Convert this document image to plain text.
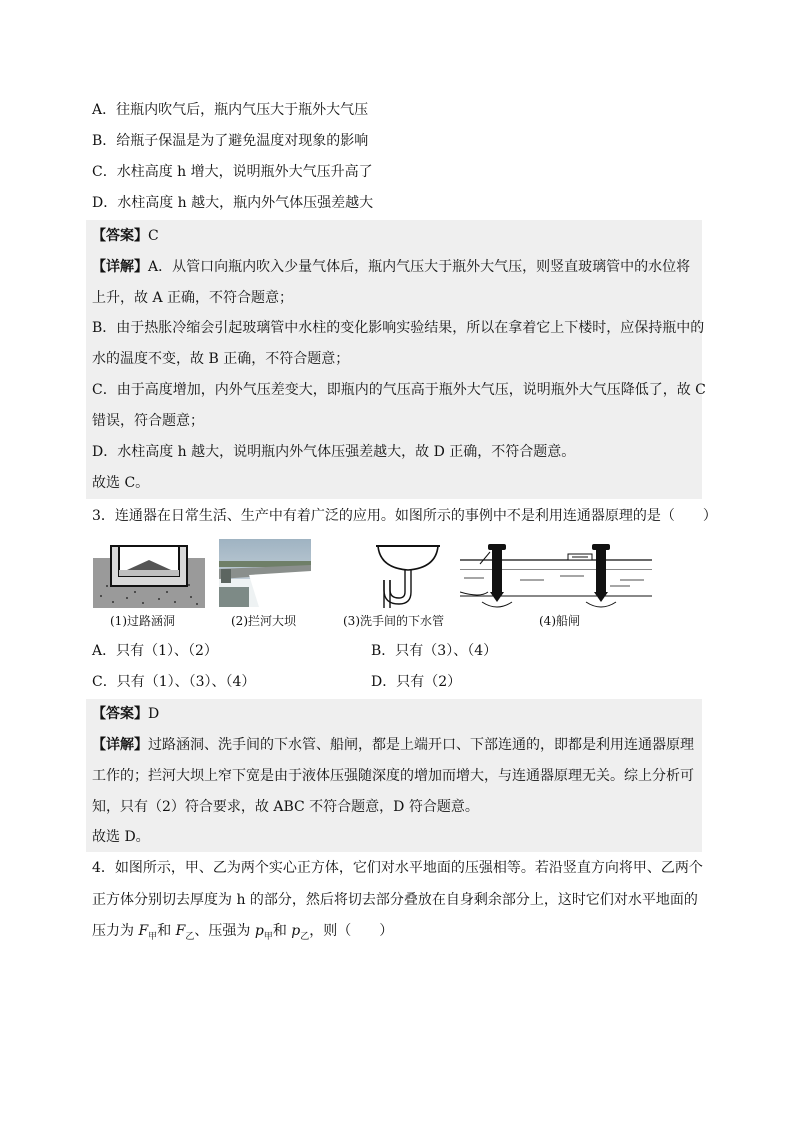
A．往瓶内吹气后，瓶内气压大于瓶外大气压
B．给瓶子保温是为了避免温度对现象的影响
C．水柱高度 h 增大，说明瓶外大气压升高了
D．水柱高度 h 越大，瓶内外气体压强差越大
【答案】C
【详解】A．从管口向瓶内吹入少量气体后，瓶内气压大于瓶外大气压，则竖直玻璃管中的水位将
上升，故 A 正确，不符合题意；
B．由于热胀冷缩会引起玻璃管中水柱的变化影响实验结果，所以在拿着它上下楼时，应保持瓶中的
水的温度不变，故 B 正确，不符合题意；
C．由于高度增加，内外气压差变大，即瓶内的气压高于瓶外大气压，说明瓶外大气压降低了，故 C
错误，符合题意；
D．水柱高度 h 越大，说明瓶内外气体压强差越大，故 D 正确，不符合题意。
故选 C。
3．连通器在日常生活、生产中有着广泛的应用。如图所示的事例中不是利用连通器原理的是（　　）
(1)过路涵洞	(2)拦河大坝	(3)洗手间的下水管	(4)船闸
A．只有（1）、（2）	B．只有（3）、（4）
C．只有（1）、（3）、（4）	D．只有（2）
【答案】D
【详解】过路涵洞、洗手间的下水管、船闸，都是上端开口、下部连通的，即都是利用连通器原理
工作的；拦河大坝上窄下宽是由于液体压强随深度的增加而增大，与连通器原理无关。综上分析可
知，只有（2）符合要求，故 ABC 不符合题意，D 符合题意。
故选 D。
4．如图所示，甲、乙为两个实心正方体，它们对水平地面的压强相等。若沿竖直方向将甲、乙两个
正方体分别切去厚度为 h 的部分，然后将切去部分叠放在自身剩余部分上，这时它们对水平地面的
压力为 $F_甲$和 $F_乙$、压强为 $p_甲$和 $p_乙$，则（　　）
